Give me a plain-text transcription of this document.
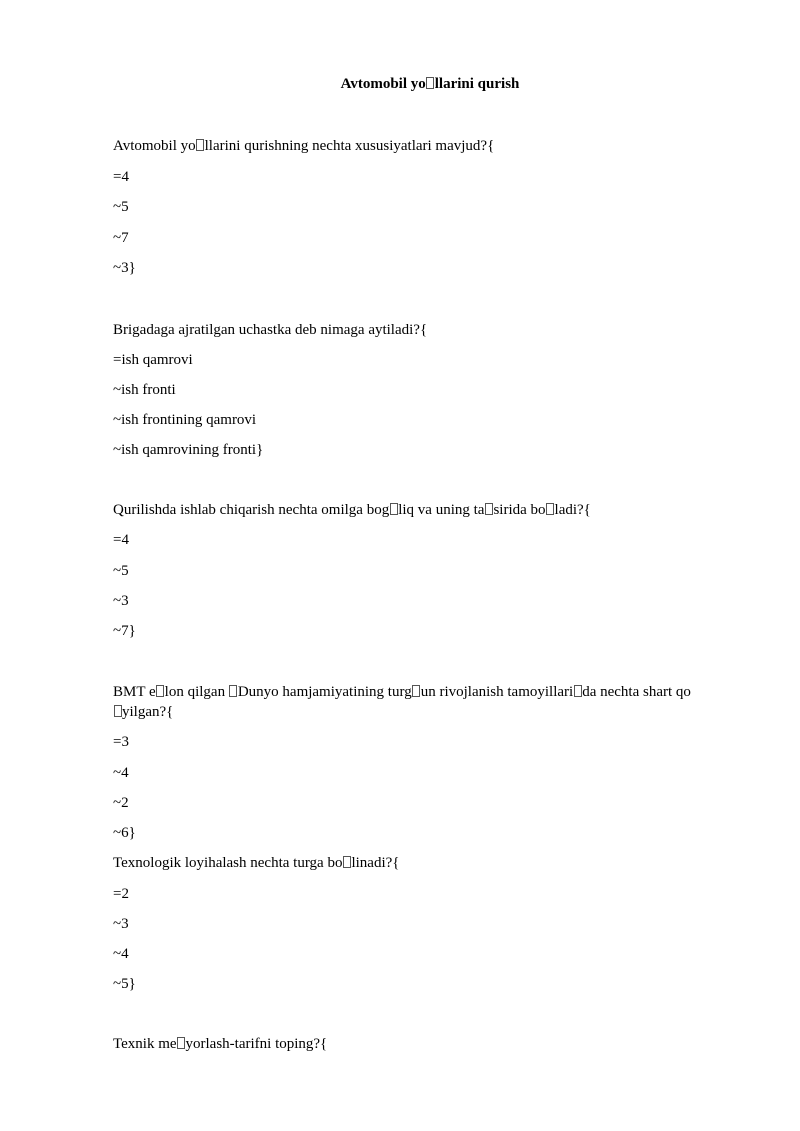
Avtomobil yo llarini qurish
Avtomobil yo llarini qurishning nechta xususiyatlari mavjud?{
=4
~5
~7
~3}
Brigadaga ajratilgan uchastka deb nimaga aytiladi?{
=ish qamrovi
~ish fronti
~ish frontining qamrovi
~ish qamrovining fronti}
Qurilishda ishlab chiqarish nechta omilga bog liq va uning ta sirida bo ladi?{
=4
~5
~3
~7}
BMT e lon qilgan Dunyo hamjamiyatining turg un rivojlanish tamoyillari da nechta shart qoyilgan?{
=3
~4
~2
~6}
Texnologik loyihalash nechta turga bo linadi?{
=2
~3
~4
~5}
Texnik me yorlash-tarifni toping?{
